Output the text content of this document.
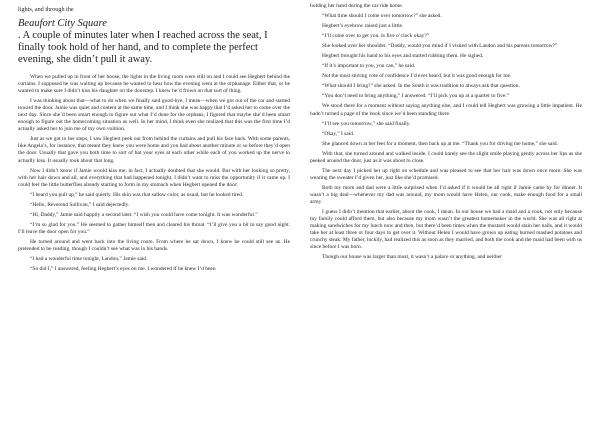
lights, and through the
Beaufort City Square
. A couple of minutes later when I reached across the seat, I finally took hold of her hand, and to complete the perfect evening, she didn’t pull it away.

When we pulled up in front of her house, the lights in the living room were still on and I could see Hegbert behind the curtains. I supposed he was waiting up because he wanted to hear how the evening went at the orphanage. Either that, or he wanted to make sure I didn’t kiss his daughter on the doorstep. I knew he’d frown on that sort of thing.

I was thinking about that—what to do when we finally said good-bye, I mean—when we got out of the car and started toward the door. Jamie was quiet and content at the same time, and I think she was happy that I’d asked her to come over the next day. Since she’d been smart enough to figure out what I’d done for the orphans, I figured that maybe she’d been smart enough to figure out the homecoming situation as well. In her mind, I think even she realized that this was the first time I’d actually asked her to join me of my own volition.

Just as we got to her steps, I saw Hegbert peek out from behind the curtains and pull his face back. With some parents, like Angela’s, for instance, that meant they knew you were home and you had about another minute or so before they’d open the door. Usually that gave you both time to sort of hat your eyes at each other while each of you worked up the nerve to actually kiss. It usually took about that long.

Now I didn’t know if Jamie would kiss me; in fact, I actually doubted that she would. But with her looking so pretty, with her hair down and all, and everything that had happened tonight, I didn’t want to miss the opportunity if it came up. I could feel the little butterflies already starting to form in my stomach when Hegbert opened the door.

“I heard you pull up,” he said quietly. His skin was that sallow color, as usual, but he looked tired.

“Hello, Reverend Sullivan,” I said dejectedly.

“Hi, Daddy,” Jamie said happily a second later. “I wish you could have come tonight. It was wonderful.”

“I’m so glad for you.” He seemed to gather himself then and cleared his throat. “I’ll give you a bit to say good night. I’ll leave the door open for you.”

He turned around and went back into the living room. From where he sat down, I knew he could still see us. He pretended to be reading, though I couldn’t see what was in his hands.

“I had a wonderful time tonight, Landon,” Jamie said.

“So did I,” I answered, feeling Hegbert’s eyes on me. I wondered if he knew I’d been

holding her hand during the car ride home.

“What time should I come over tomorrow?” she asked.

Hegbert’s eyebrow raised just a little.

“I’ll come over to get you. Is five o’clock okay?”

She looked over her shoulder. “Daddy, would you mind if I visited with Landon and his parents tomorrow?”

Hegbert brought his hand to his eyes and started rubbing them. He sighed.

“If it’s important to you, you can,” he said.

Not the most stirring vote of confidence I’d ever heard, but it was good enough for me.

“What should I bring?” she asked. In the South it was tradition to always ask that question.

“You don’t need to bring anything,” I answered. “I’ll pick you up at a quarter to five.”

We stood there for a moment without saying anything else, and I could tell Hegbert was growing a little impatient. He hadn’t turned a page of the book since we’d been standing there.

“I’ll see you tomorrow,” she said finally.

“Okay,” I said.

She glanced down at her feet for a moment, then back up at me. “Thank you for driving me home,” she said.

With that, she turned around and walked inside. I could barely see the slight smile playing gently across her lips as she peeked around the door, just as it was about to close.

The next day I picked her up right on schedule and was pleased to see that her hair was down once more. She was wearing the sweater I’d given her, just like she’d promised.

Both my mom and dad were a little surprised when I’d asked if it would be all right if Jamie came by for dinner. It wasn’t a big deal—whenever my dad was around, my mom would have Helen, our cook, make enough food for a small army.

I guess I didn’t mention that earlier, about the cook, I mean. In our house we had a maid and a cook, not only because my family could afford them, but also because my mom wasn’t the greatest homemaker in the world. She was all right at making sandwiches for my lunch now and then, but there’d been times when the mustard would stain her nails, and it would take her at least three or four days to get over it. Without Helen I would have grown up eating burned mashed potatoes and crunchy steak. My father, luckily, had realized this as soon as they married, and both the cook and the maid had been with us since before I was born.

Though our house was larger than most, it wasn’t a palace or anything, and neither
